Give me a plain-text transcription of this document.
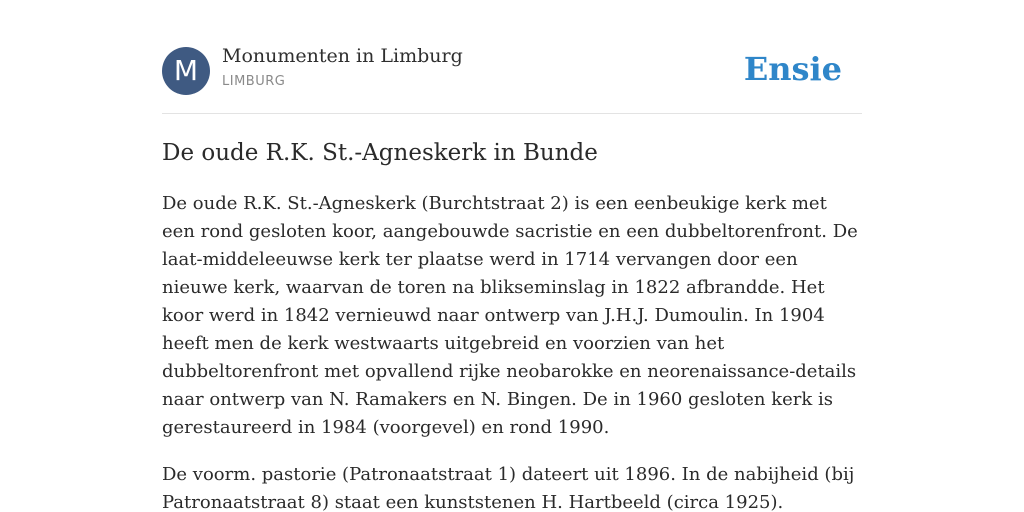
M	Monumenten in Limburg
LIMBURG	Ensie
De oude R.K. St.-Agneskerk in Bunde

De oude R.K. St.-Agneskerk (Burchtstraat 2) is een eenbeukige kerk met een rond gesloten koor, aangebouwde sacristie en een dubbeltorenfront. De laat-middeleeuwse kerk ter plaatse werd in 1714 vervangen door een nieuwe kerk, waarvan de toren na blikseminslag in 1822 afbrandde. Het koor werd in 1842 vernieuwd naar ontwerp van J.H.J. Dumoulin. In 1904 heeft men de kerk westwaarts uitgebreid en voorzien van het dubbeltorenfront met opvallend rijke neobarokke en neorenaissance-details naar ontwerp van N. Ramakers en N. Bingen. De in 1960 gesloten kerk is gerestaureerd in 1984 (voorgevel) en rond 1990.

De voorm. pastorie (Patronaatstraat 1) dateert uit 1896. In de nabijheid (bij Patronaatstraat 8) staat een kunststenen H. Hartbeeld (circa 1925).
